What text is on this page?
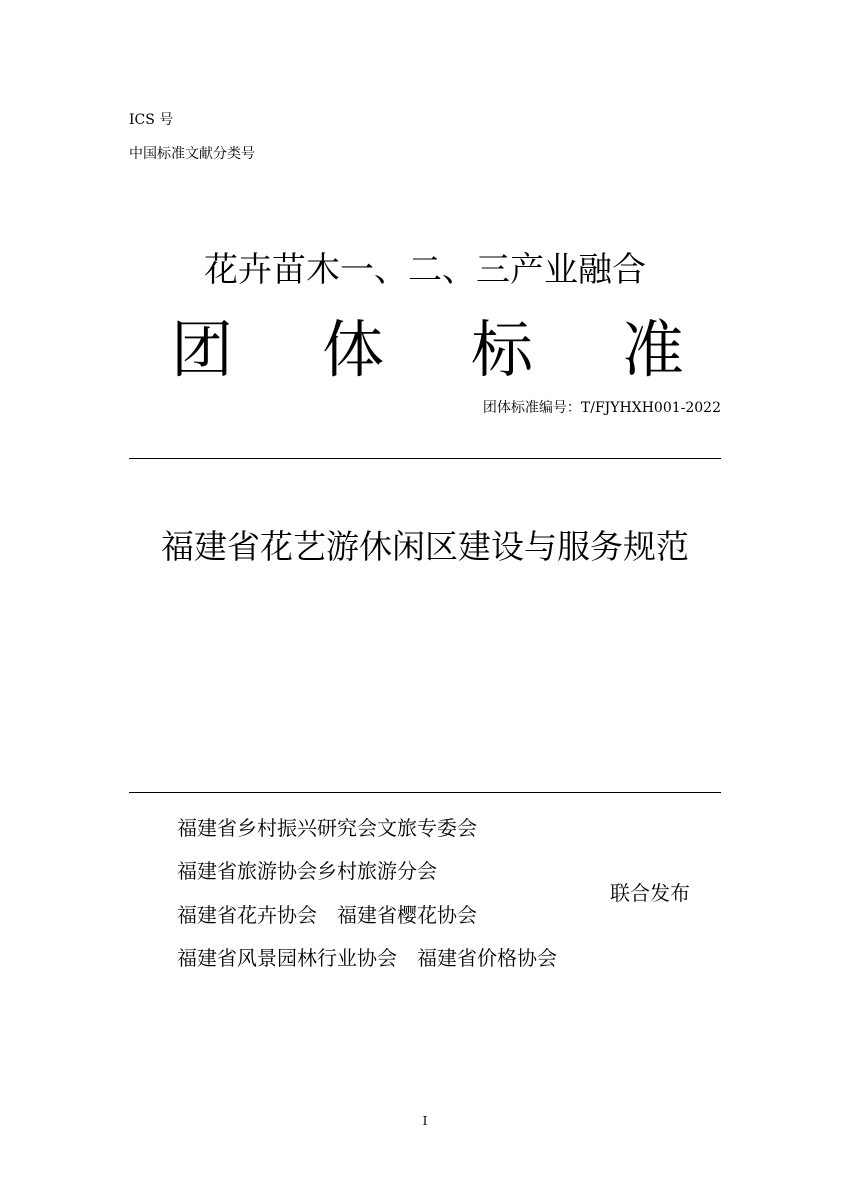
ICS 号
中国标准文献分类号
花卉苗木一、二、三产业融合
团 体 标 准
团体标准编号：T/FJYHXH001-2022
福建省花艺游休闲区建设与服务规范
福建省乡村振兴研究会文旅专委会
福建省旅游协会乡村旅游分会
福建省花卉协会　福建省樱花协会
福建省风景园林行业协会　福建省价格协会
联合发布
I
